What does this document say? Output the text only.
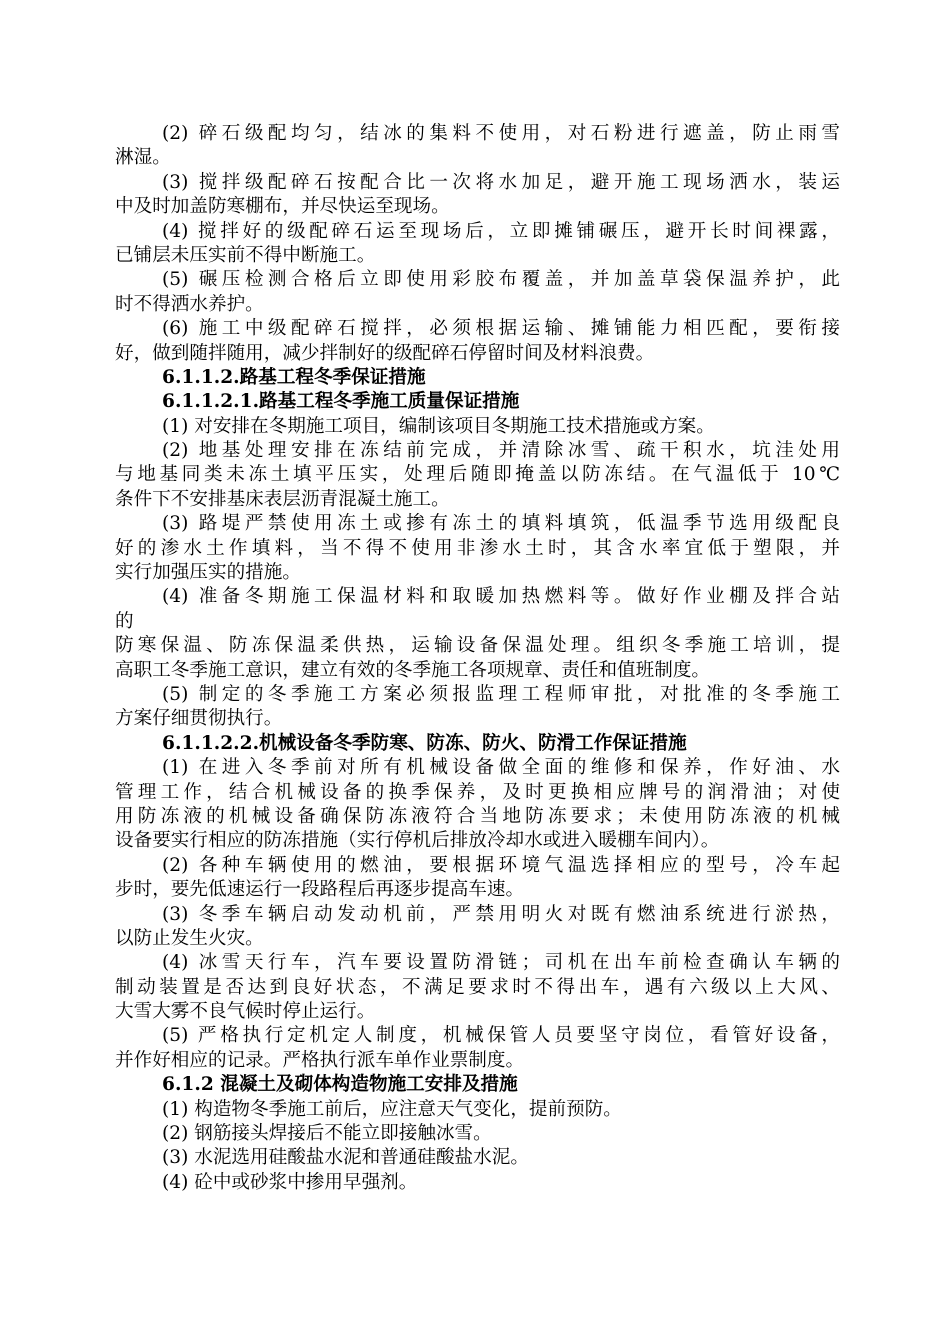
(2) 碎石级配均匀，结冰的集料不使用，对石粉进行遮盖，防止雨雪
淋湿。
(3) 搅拌级配碎石按配合比一次将水加足，避开施工现场洒水，装运
中及时加盖防寒棚布，并尽快运至现场。
(4) 搅拌好的级配碎石运至现场后，立即摊铺碾压，避开长时间裸露，
已铺层未压实前不得中断施工。
(5) 碾压检测合格后立即使用彩胶布覆盖，并加盖草袋保温养护，此
时不得洒水养护。
(6) 施工中级配碎石搅拌，必须根据运输、摊铺能力相匹配，要衔接
好，做到随拌随用，减少拌制好的级配碎石停留时间及材料浪费。
6.1.1.2.路基工程冬季保证措施
6.1.1.2.1.路基工程冬季施工质量保证措施
(1) 对安排在冬期施工项目，编制该项目冬期施工技术措施或方案。
(2) 地基处理安排在冻结前完成，并清除冰雪、疏干积水，坑洼处用
与地基同类未冻土填平压实，处理后随即掩盖以防冻结。在气温低于 10℃
条件下不安排基床表层沥青混凝土施工。
(3) 路堤严禁使用冻土或掺有冻土的填料填筑，低温季节选用级配良
好的渗水土作填料，当不得不使用非渗水土时，其含水率宜低于塑限，并
实行加强压实的措施。
(4) 准备冬期施工保温材料和取暖加热燃料等。做好作业棚及拌合站
的
防寒保温、防冻保温柔供热，运输设备保温处理。组织冬季施工培训，提
高职工冬季施工意识，建立有效的冬季施工各项规章、责任和值班制度。
(5) 制定的冬季施工方案必须报监理工程师审批，对批准的冬季施工
方案仔细贯彻执行。
6.1.1.2.2.机械设备冬季防寒、防冻、防火、防滑工作保证措施
(1) 在进入冬季前对所有机械设备做全面的维修和保养，作好油、水
管理工作，结合机械设备的换季保养，及时更换相应牌号的润滑油；对使
用防冻液的机械设备确保防冻液符合当地防冻要求；未使用防冻液的机械
设备要实行相应的防冻措施（实行停机后排放冷却水或进入暖棚车间内）。
(2) 各种车辆使用的燃油，要根据环境气温选择相应的型号，冷车起
步时，要先低速运行一段路程后再逐步提高车速。
(3) 冬季车辆启动发动机前，严禁用明火对既有燃油系统进行淤热，
以防止发生火灾。
(4) 冰雪天行车，汽车要设置防滑链；司机在出车前检查确认车辆的
制动装置是否达到良好状态，不满足要求时不得出车，遇有六级以上大风、
大雪大雾不良气候时停止运行。
(5) 严格执行定机定人制度，机械保管人员要坚守岗位，看管好设备，
并作好相应的记录。严格执行派车单作业票制度。
6.1.2 混凝土及砌体构造物施工安排及措施
(1) 构造物冬季施工前后，应注意天气变化，提前预防。
(2) 钢筋接头焊接后不能立即接触冰雪。
(3) 水泥选用硅酸盐水泥和普通硅酸盐水泥。
(4) 砼中或砂浆中掺用早强剂。
